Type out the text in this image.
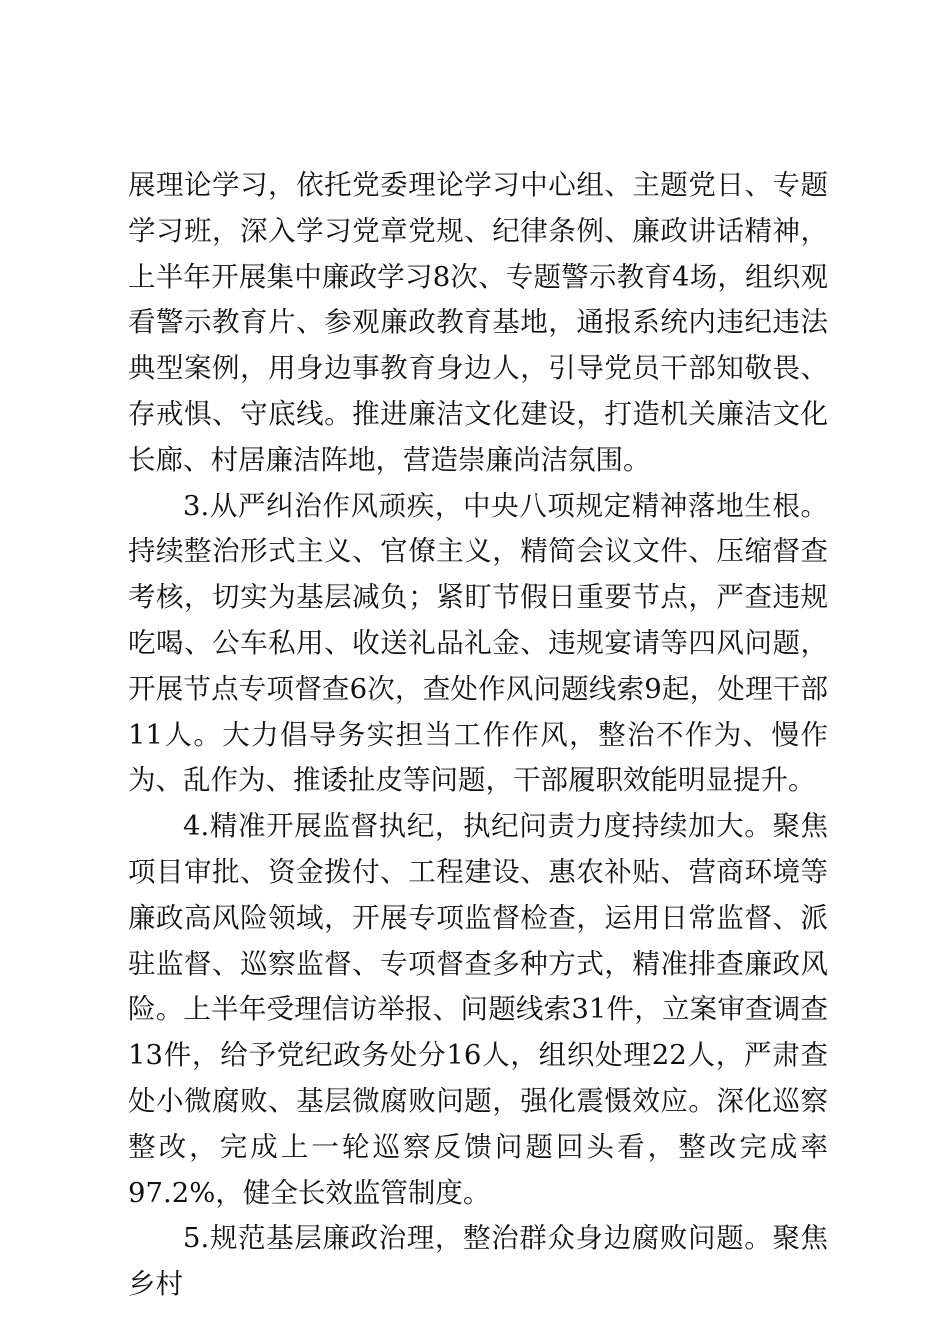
展理论学习，依托党委理论学习中心组、主题党日、专题学习班，深入学习党章党规、纪律条例、廉政讲话精神，上半年开展集中廉政学习8次、专题警示教育4场，组织观看警示教育片、参观廉政教育基地，通报系统内违纪违法典型案例，用身边事教育身边人，引导党员干部知敬畏、存戒惧、守底线。推进廉洁文化建设，打造机关廉洁文化长廊、村居廉洁阵地，营造崇廉尚洁氛围。

3.从严纠治作风顽疾，中央八项规定精神落地生根。持续整治形式主义、官僚主义，精简会议文件、压缩督查考核，切实为基层减负；紧盯节假日重要节点，严查违规吃喝、公车私用、收送礼品礼金、违规宴请等四风问题，开展节点专项督查6次，查处作风问题线索9起，处理干部11人。大力倡导务实担当工作作风，整治不作为、慢作为、乱作为、推诿扯皮等问题，干部履职效能明显提升。

4.精准开展监督执纪，执纪问责力度持续加大。聚焦项目审批、资金拨付、工程建设、惠农补贴、营商环境等廉政高风险领域，开展专项监督检查，运用日常监督、派驻监督、巡察监督、专项督查多种方式，精准排查廉政风险。上半年受理信访举报、问题线索31件，立案审查调查13件，给予党纪政务处分16人，组织处理22人，严肃查处小微腐败、基层微腐败问题，强化震慑效应。深化巡察整改，完成上一轮巡察反馈问题回头看，整改完成率97.2%，健全长效监管制度。

5.规范基层廉政治理，整治群众身边腐败问题。聚焦乡村
